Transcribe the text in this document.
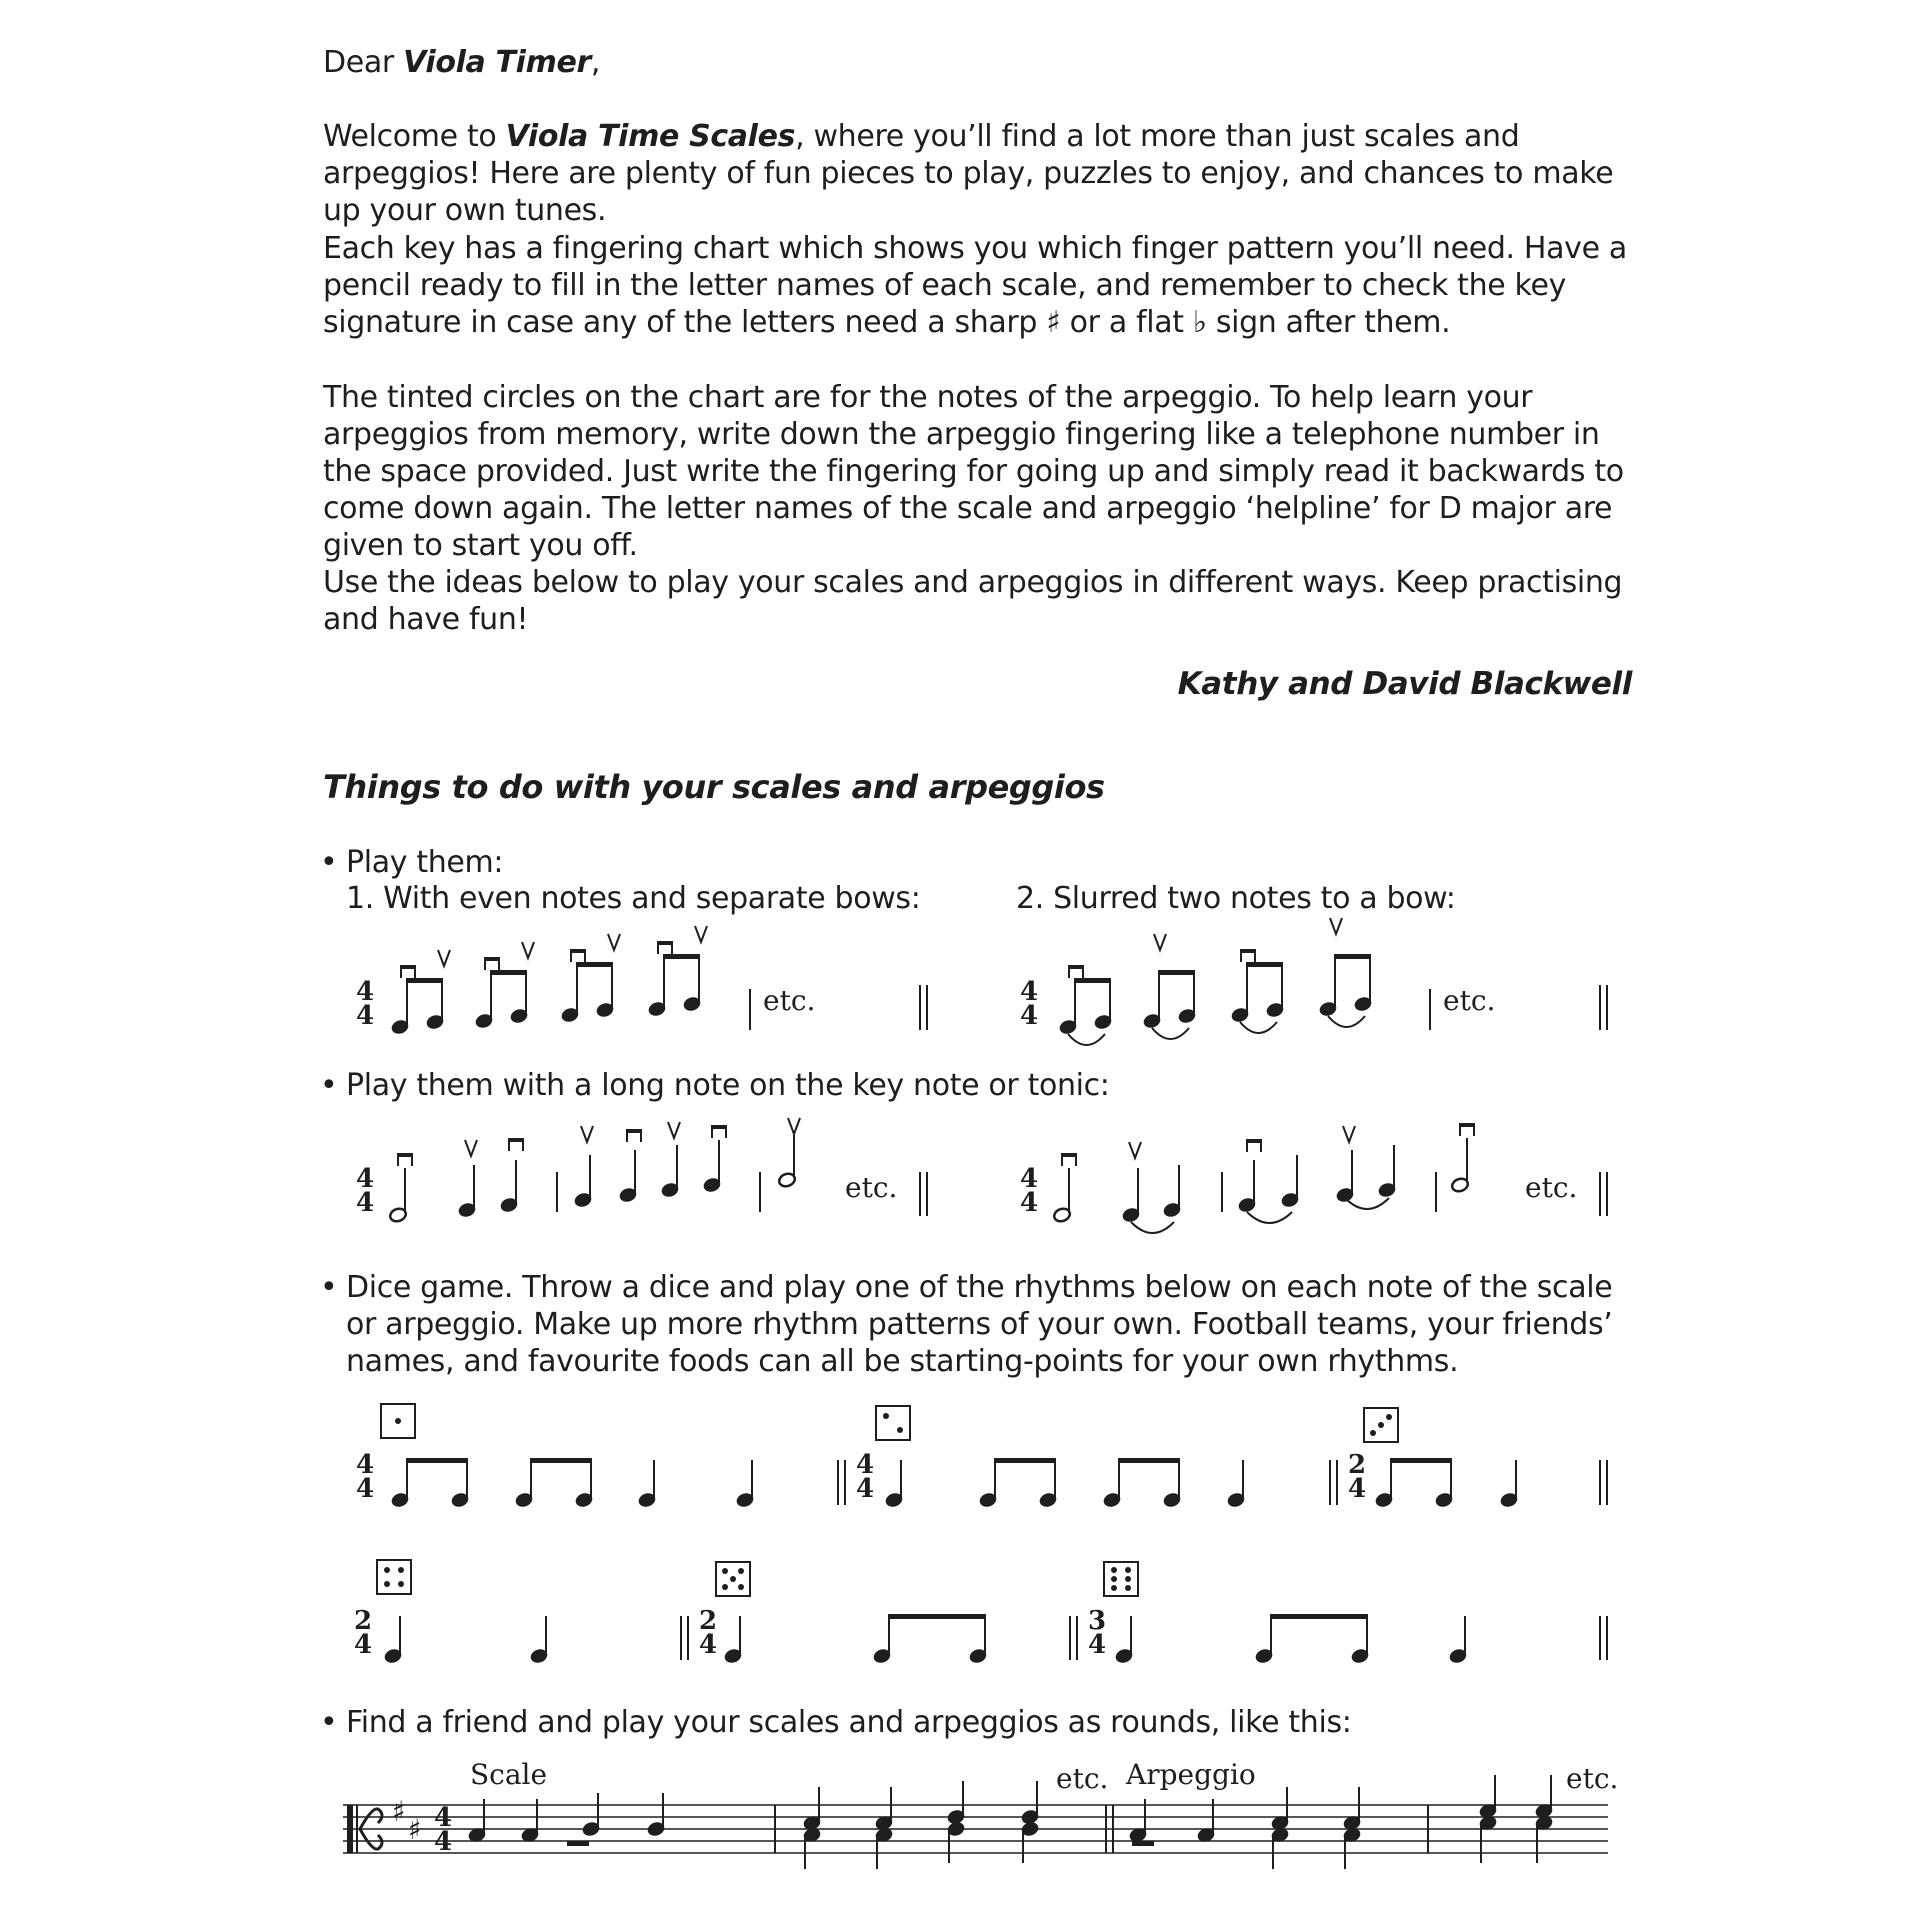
Dear Viola Timer,

Welcome to Viola Time Scales, where you’ll find a lot more than just scales and arpeggios! Here are plenty of fun pieces to play, puzzles to enjoy, and chances to make up your own tunes.

Each key has a fingering chart which shows you which finger pattern you’ll need. Have a pencil ready to fill in the letter names of each scale, and remember to check the key signature in case any of the letters need a sharp ♯ or a flat ♭ sign after them.

The tinted circles on the chart are for the notes of the arpeggio. To help learn your arpeggios from memory, write down the arpeggio fingering like a telephone number in the space provided. Just write the fingering for going up and simply read it backwards to come down again. The letter names of the scale and arpeggio ‘helpline’ for D major are given to start you off.

Use the ideas below to play your scales and arpeggios in different ways. Keep practising and have fun!

Kathy and David Blackwell
Things to do with your scales and arpeggios
• Play them:
1. With even notes and separate bows:	2. Slurred two notes to a bow:
• Play them with a long note on the key note or tonic:
• Dice game. Throw a dice and play one of the rhythms below on each note of the scale or arpeggio. Make up more rhythm patterns of your own. Football teams, your friends’ names, and favourite foods can all be starting-points for your own rhythms.
• Find a friend and play your scales and arpeggios as rounds, like this:
4
4	etc.	4
4	etc.
4
4	etc.	4
4	etc.
4
4
4
4
2
4
2
4
2
4
3
4
Scale	etc. Arpeggio	etc.
♯
♯ 4
4
